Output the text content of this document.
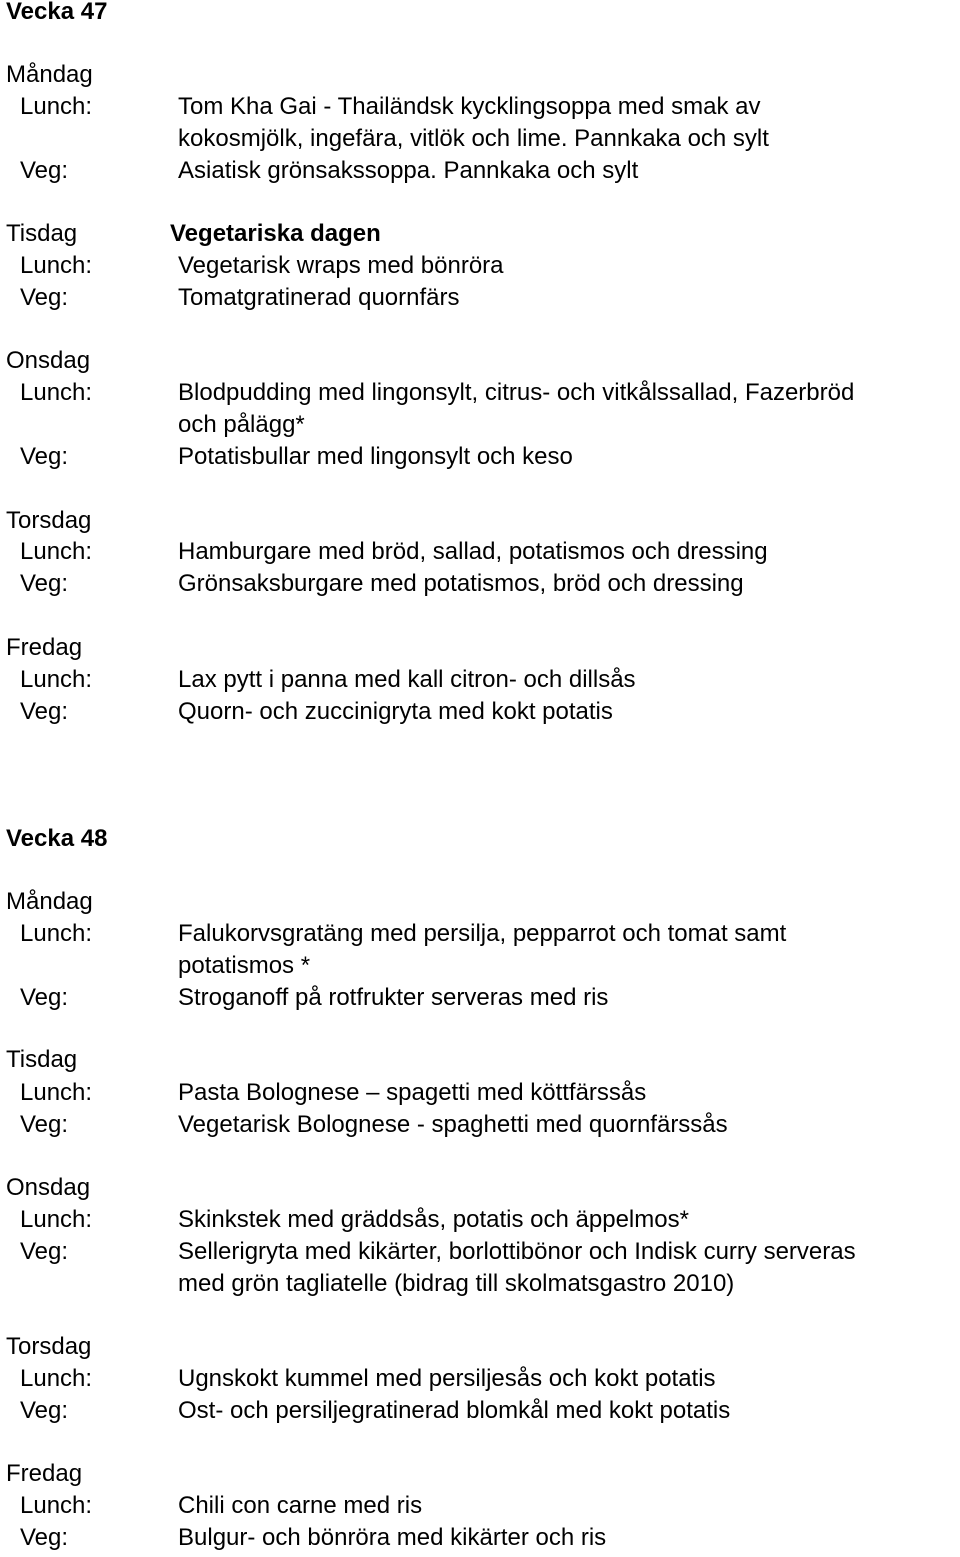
Vecka 47
Måndag
Lunch:	Tom Kha Gai - Thailändsk kycklingsoppa med smak av
kokosmjölk, ingefära, vitlök och lime. Pannkaka och sylt
Veg:	Asiatisk grönsakssoppa. Pannkaka och sylt
Tisdag	Vegetariska dagen
Lunch:	Vegetarisk wraps med bönröra
Veg:	Tomatgratinerad quornfärs
Onsdag
Lunch:	Blodpudding med lingonsylt, citrus- och vitkålssallad, Fazerbröd
och pålägg*
Veg:	Potatisbullar med lingonsylt och keso
Torsdag
Lunch:	Hamburgare med bröd, sallad, potatismos och dressing
Veg:	Grönsaksburgare med potatismos, bröd och dressing
Fredag
Lunch:	Lax pytt i panna med kall citron- och dillsås
Veg:	Quorn- och zuccinigryta med kokt potatis
Vecka 48
Måndag
Lunch:	Falukorvsgratäng med persilja, pepparrot och tomat samt
potatismos *
Veg:	Stroganoff på rotfrukter serveras med ris
Tisdag
Lunch:	Pasta Bolognese – spagetti med köttfärssås
Veg:	Vegetarisk Bolognese - spaghetti med quornfärssås
Onsdag
Lunch:	Skinkstek med gräddsås, potatis och äppelmos*
Veg:	Sellerigryta med kikärter, borlottibönor och Indisk curry serveras
med grön tagliatelle (bidrag till skolmatsgastro 2010)
Torsdag
Lunch:	Ugnskokt kummel med persiljesås och kokt potatis
Veg:	Ost- och persiljegratinerad blomkål med kokt potatis
Fredag
Lunch:	Chili con carne med ris
Veg:	Bulgur- och bönröra med kikärter och ris
